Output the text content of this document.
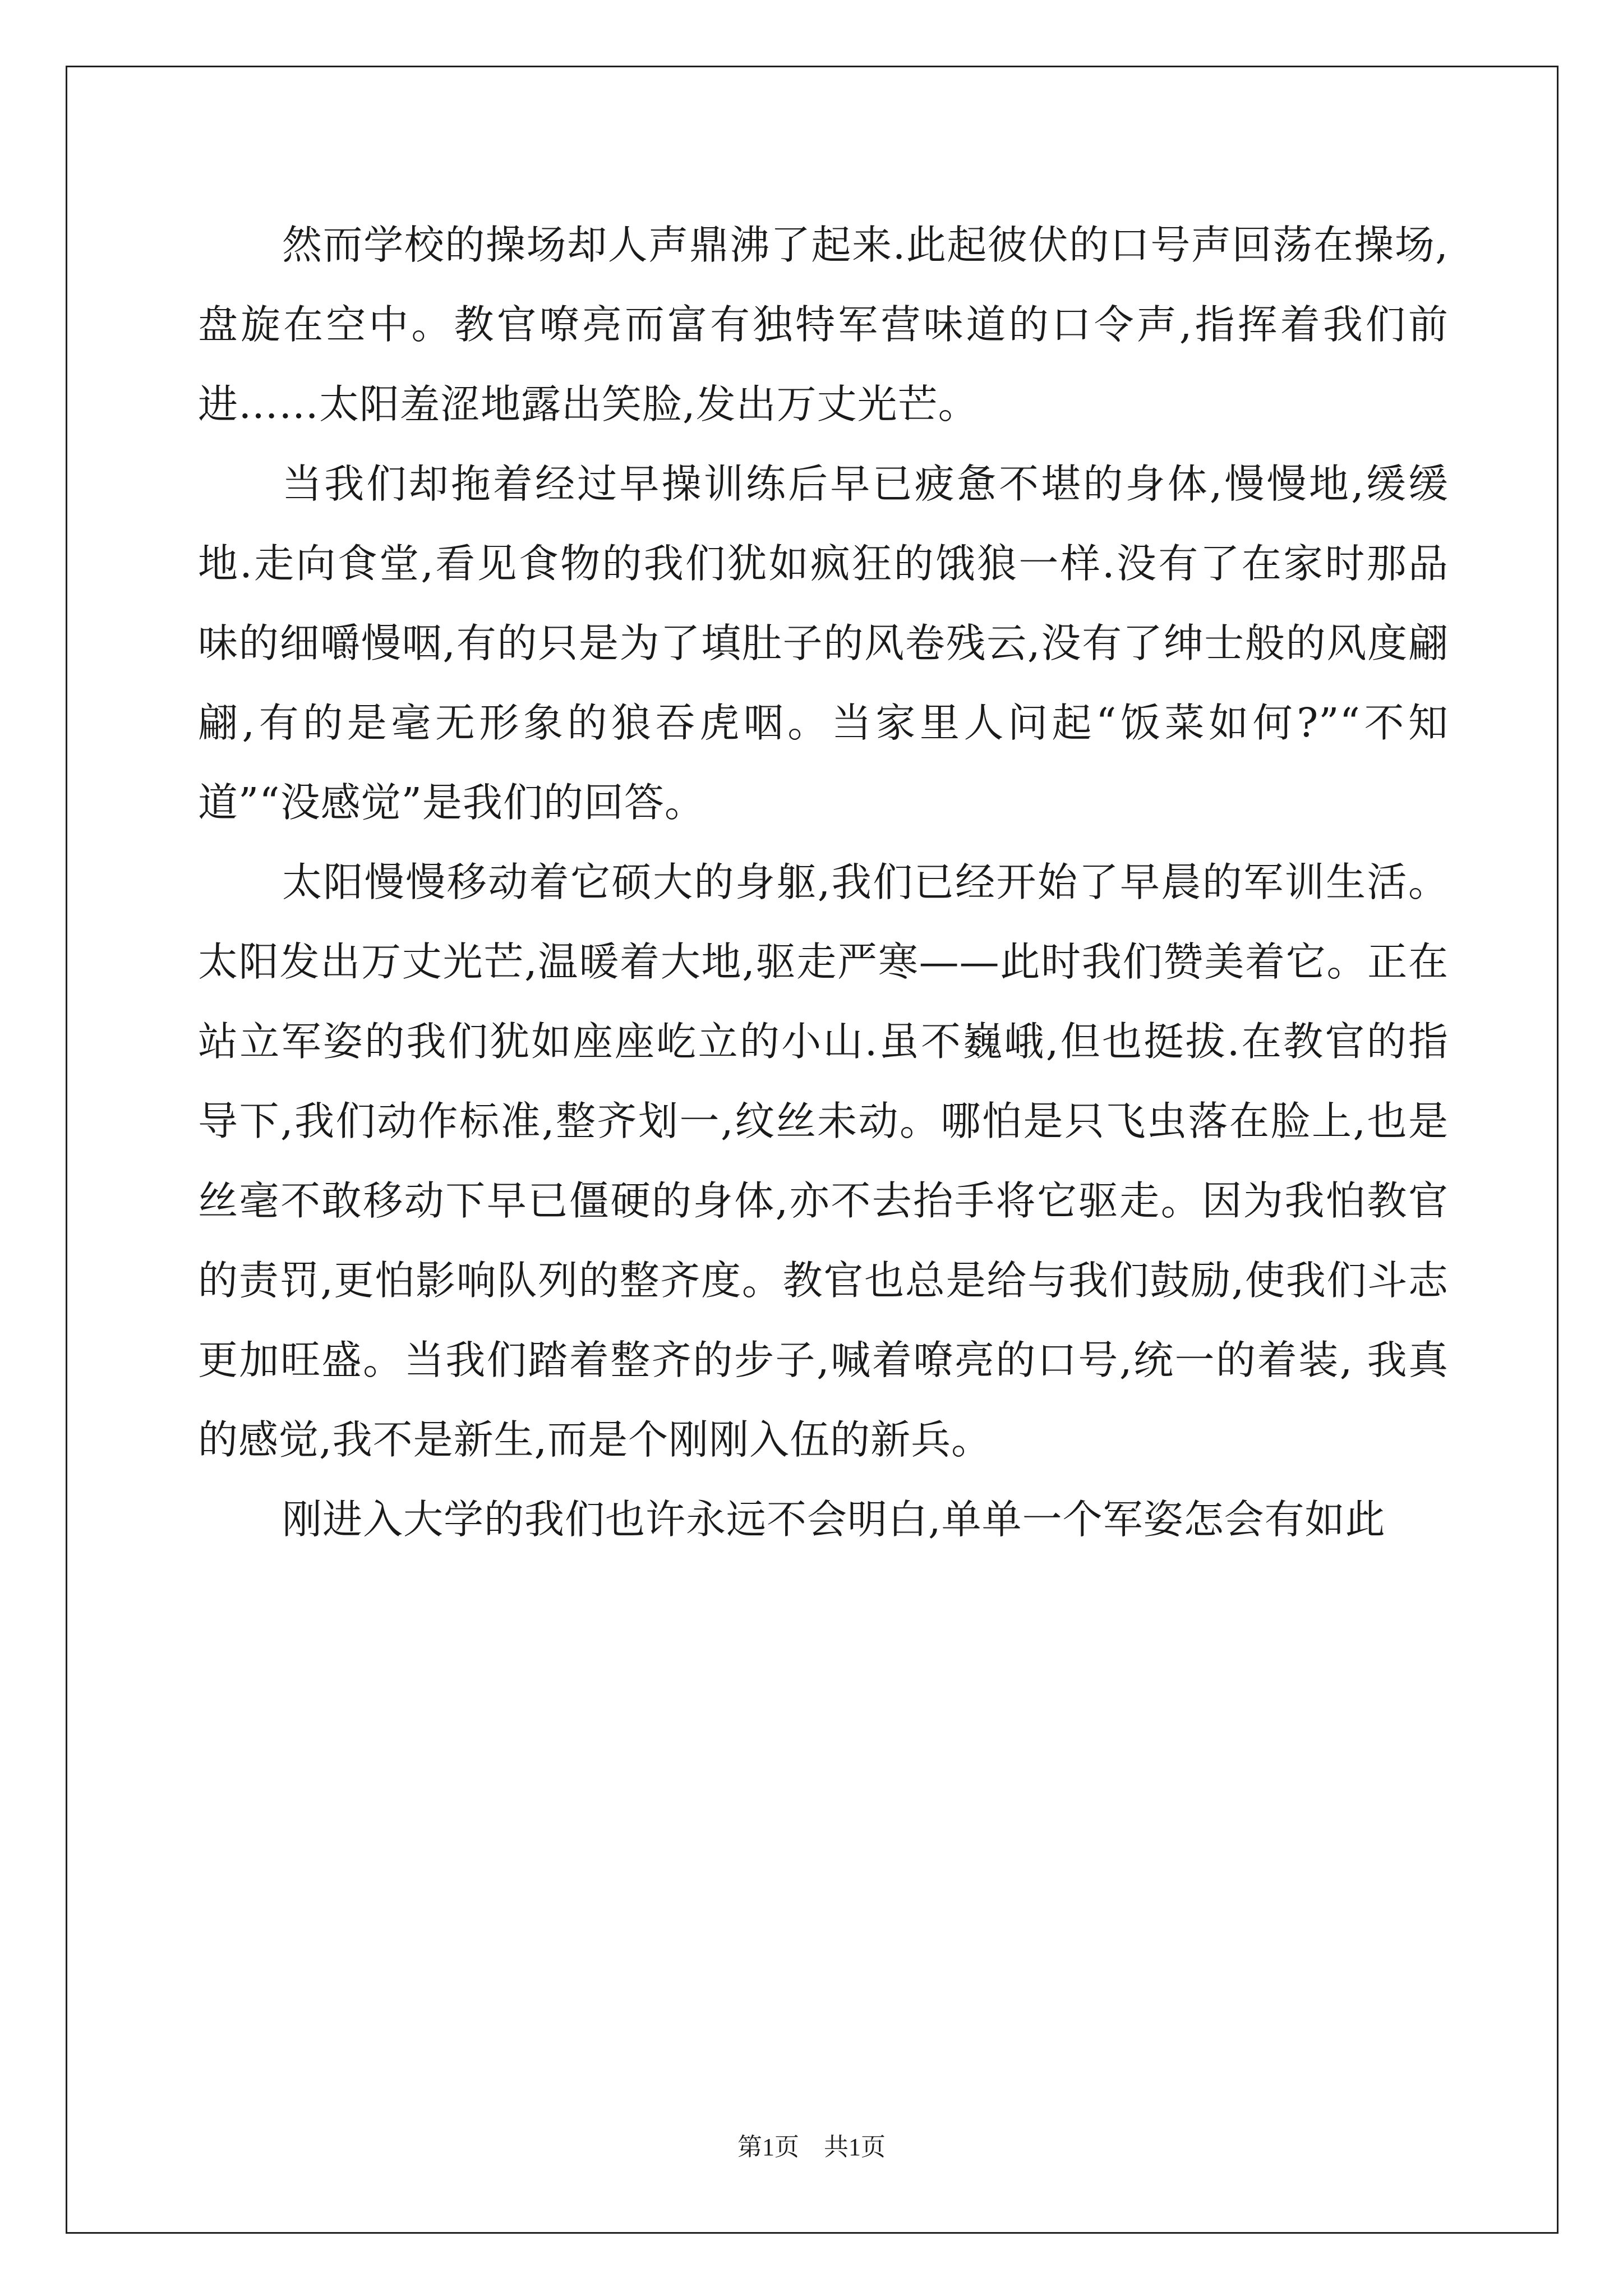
然而学校的操场却人声鼎沸了起来.此起彼伏的口号声回荡在操场,盘旋在空中。教官嘹亮而富有独特军营味道的口令声,指挥着我们前进……太阳羞涩地露出笑脸,发出万丈光芒。

当我们却拖着经过早操训练后早已疲惫不堪的身体,慢慢地,缓缓地.走向食堂,看见食物的我们犹如疯狂的饿狼一样.没有了在家时那品味的细嚼慢咽,有的只是为了填肚子的风卷残云,没有了绅士般的风度翩翩,有的是毫无形象的狼吞虎咽。当家里人问起“饭菜如何?”“不知道”“没感觉”是我们的回答。

太阳慢慢移动着它硕大的身躯,我们已经开始了早晨的军训生活。太阳发出万丈光芒,温暖着大地,驱走严寒——此时我们赞美着它。正在站立军姿的我们犹如座座屹立的小山.虽不巍峨,但也挺拔.在教官的指导下,我们动作标准,整齐划一,纹丝未动。哪怕是只飞虫落在脸上,也是丝毫不敢移动下早已僵硬的身体,亦不去抬手将它驱走。因为我怕教官的责罚,更怕影响队列的整齐度。教官也总是给与我们鼓励,使我们斗志更加旺盛。当我们踏着整齐的步子,喊着嘹亮的口号,统一的着装, 我真的感觉,我不是新生,而是个刚刚入伍的新兵。

刚进入大学的我们也许永远不会明白,单单一个军姿怎会有如此

第1页 共1页
